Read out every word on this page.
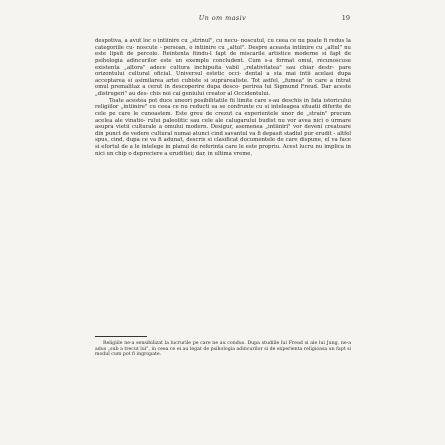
Un om masiv	19

despotiva, a avut loc o intiinire cu „strinul", cu necu- noscutul, cu ceea ce nu poate fi redus la categoriile cu- noscute - persoan, o intiinire cu „altul". Despre aceasta intiinire cu „altul" nu este lipsit de percole. Reintenta fiindu-l fapt de miscarile artistice moderne si fapt de psihologia adincurilor este un exemplu concludent. Cum s-a format omul, recunoscuse existenta „altora" adece cultura inchipuita vabil „relativitatea" sau chiar destr- pare orizontului cultural oficial. Universul estetic occi- dental a sta mai intii acelasi dupa acceptarea si asimilarea artei cubiste si suprarealiste. Tot astfel, „fumea" in care a intrat omul premalitaz a cerut in descoperire dupa desco- perirea lui Sigmund Freud. Dar aceste „distrugeri" au des- chis noi cai geniului creator al Occidentului.

Toate acestea pot duce uneori posibilitatile fii limite care s-au deschis in fata istoricului religiilor „intiinire" cu ceea ce nu reducti sa se confrunte cu si inteleagea situatii diferite de cele pe care le cunoastem. Este greu de crezut ca experientele unor de „strain" precum acelea ale vinatio- rului paleolitic sau cele ale calugarului budist nu vor avea nici o urmare asupra vietii culturale a omului modern. Desigur, asemenea „intiiniri" vor deveni creatoare din punct de vedere cultural numai atunci cind savantul va fi depasit stadiul pur erudit - altfel spus, cind, dupa ce va fi adunat, descris si clasificat documentele de care dispune, el va face si efortul de a le intelege in planul de referinta care le este propriu. Acest lucru nu implica in nici un chip o depreciere a eruditiei; dar, in ultima vreme,

Religiile ne-a sensibilizat la lucrurile pe care ne au condus. Dupa studiile lui Freud si ale lui Jung, ne-a adus „sub a trecut lui", in ceea ce ei au legat de psihologia adincurilor si de experienta religioasa un fapt si modul cum pot fi ingropate.
